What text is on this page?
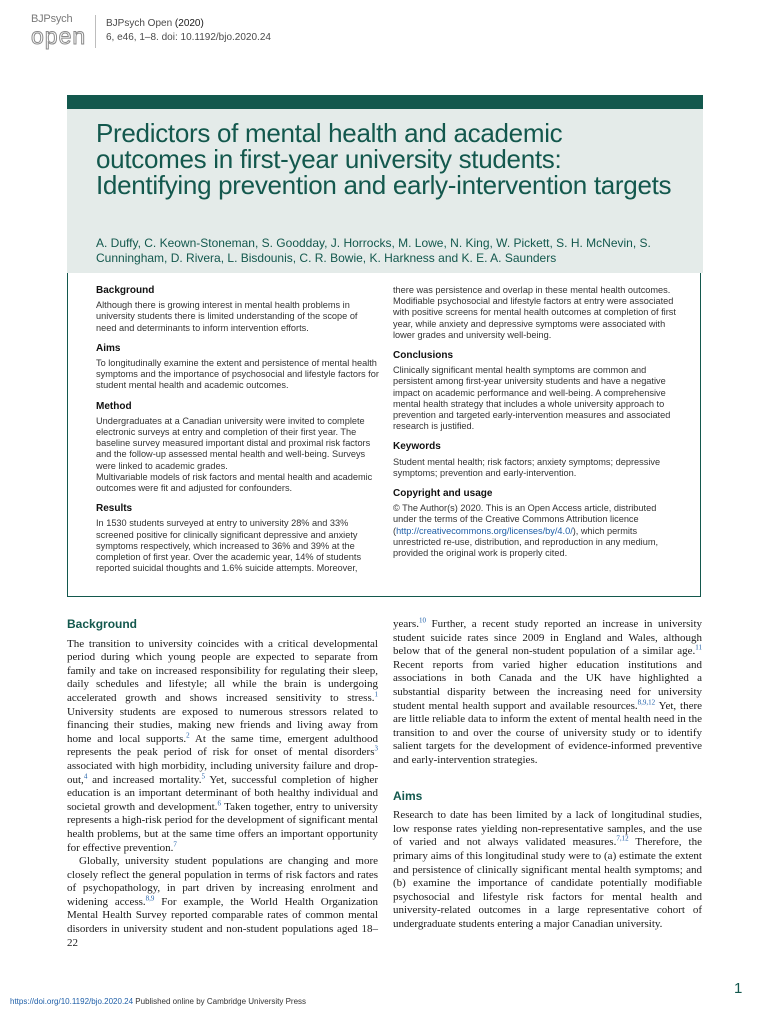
BJPsych
open BJPsych Open (2020)
6, e46, 1–8. doi: 10.1192/bjo.2020.24
Predictors of mental health and academic outcomes in first-year university students: Identifying prevention and early-intervention targets

A. Duffy, C. Keown-Stoneman, S. Goodday, J. Horrocks, M. Lowe, N. King, W. Pickett, S. H. McNevin, S. Cunningham, D. Rivera, L. Bisdounis, C. R. Bowie, K. Harkness and K. E. A. Saunders

Background

Although there is growing interest in mental health problems in university students there is limited understanding of the scope of need and determinants to inform intervention efforts.

Aims

To longitudinally examine the extent and persistence of mental health symptoms and the importance of psychosocial and lifestyle factors for student mental health and academic outcomes.

Method

Undergraduates at a Canadian university were invited to complete electronic surveys at entry and completion of their first year. The baseline survey measured important distal and proximal risk factors and the follow-up assessed mental health and well-being. Surveys were linked to academic grades.

Multivariable models of risk factors and mental health and academic outcomes were fit and adjusted for confounders.

Results

In 1530 students surveyed at entry to university 28% and 33% screened positive for clinically significant depressive and anxiety symptoms respectively, which increased to 36% and 39% at the completion of first year. Over the academic year, 14% of students reported suicidal thoughts and 1.6% suicide attempts. Moreover,

there was persistence and overlap in these mental health outcomes. Modifiable psychosocial and lifestyle factors at entry were associated with positive screens for mental health outcomes at completion of first year, while anxiety and depressive symptoms were associated with lower grades and university well-being.

Conclusions

Clinically significant mental health symptoms are common and persistent among first-year university students and have a negative impact on academic performance and well-being. A comprehensive mental health strategy that includes a whole university approach to prevention and targeted early-intervention measures and associated research is justified.

Keywords

Student mental health; risk factors; anxiety symptoms; depressive symptoms; prevention and early-intervention.

Copyright and usage

© The Author(s) 2020. This is an Open Access article, distributed under the terms of the Creative Commons Attribution licence (http://creativecommons.org/licenses/by/4.0/), which permits unrestricted re-use, distribution, and reproduction in any medium, provided the original work is properly cited.

Background

The transition to university coincides with a critical developmental period during which young people are expected to separate from family and take on increased responsibility for regulating their sleep, daily schedules and lifestyle; all while the brain is undergoing accelerated growth and shows increased sensitivity to stress.$^1$ University students are exposed to numerous stressors related to financing their studies, making new friends and living away from home and local supports.$^2$ At the same time, emergent adulthood represents the peak period of risk for onset of mental disorders$^3$ associated with high morbidity, including university failure and drop-out,$^4$ and increased mortality.$^5$ Yet, successful completion of higher education is an important determinant of both healthy individual and societal growth and development.$^6$ Taken together, entry to university represents a high-risk period for the development of significant mental health problems, but at the same time offers an important opportunity for effective prevention.$^7$

Globally, university student populations are changing and more closely reflect the general population in terms of risk factors and rates of psychopathology, in part driven by increasing enrolment and widening access.$^{8,9}$ For example, the World Health Organization Mental Health Survey reported comparable rates of common mental disorders in university student and non-student populations aged 18–22

years.$^{10}$ Further, a recent study reported an increase in university student suicide rates since 2009 in England and Wales, although below that of the general non-student population of a similar age.$^{11}$ Recent reports from varied higher education institutions and associations in both Canada and the UK have highlighted a substantial disparity between the increasing need for university student mental health support and available resources.$^{8,9,12}$ Yet, there are little reliable data to inform the extent of mental health need in the transition to and over the course of university study or to identify salient targets for the development of evidence-informed preventive and early-intervention strategies.

Aims

Research to date has been limited by a lack of longitudinal studies, low response rates yielding non-representative samples, and the use of varied and not always validated measures.$^{7,12}$ Therefore, the primary aims of this longitudinal study were to (a) estimate the extent and persistence of clinically significant mental health symptoms; and (b) examine the importance of candidate potentially modifiable psychosocial and lifestyle risk factors for mental health and university-related outcomes in a large representative cohort of undergraduate students entering a major Canadian university.

https://doi.org/10.1192/bjo.2020.24 Published online by Cambridge University Press
1
